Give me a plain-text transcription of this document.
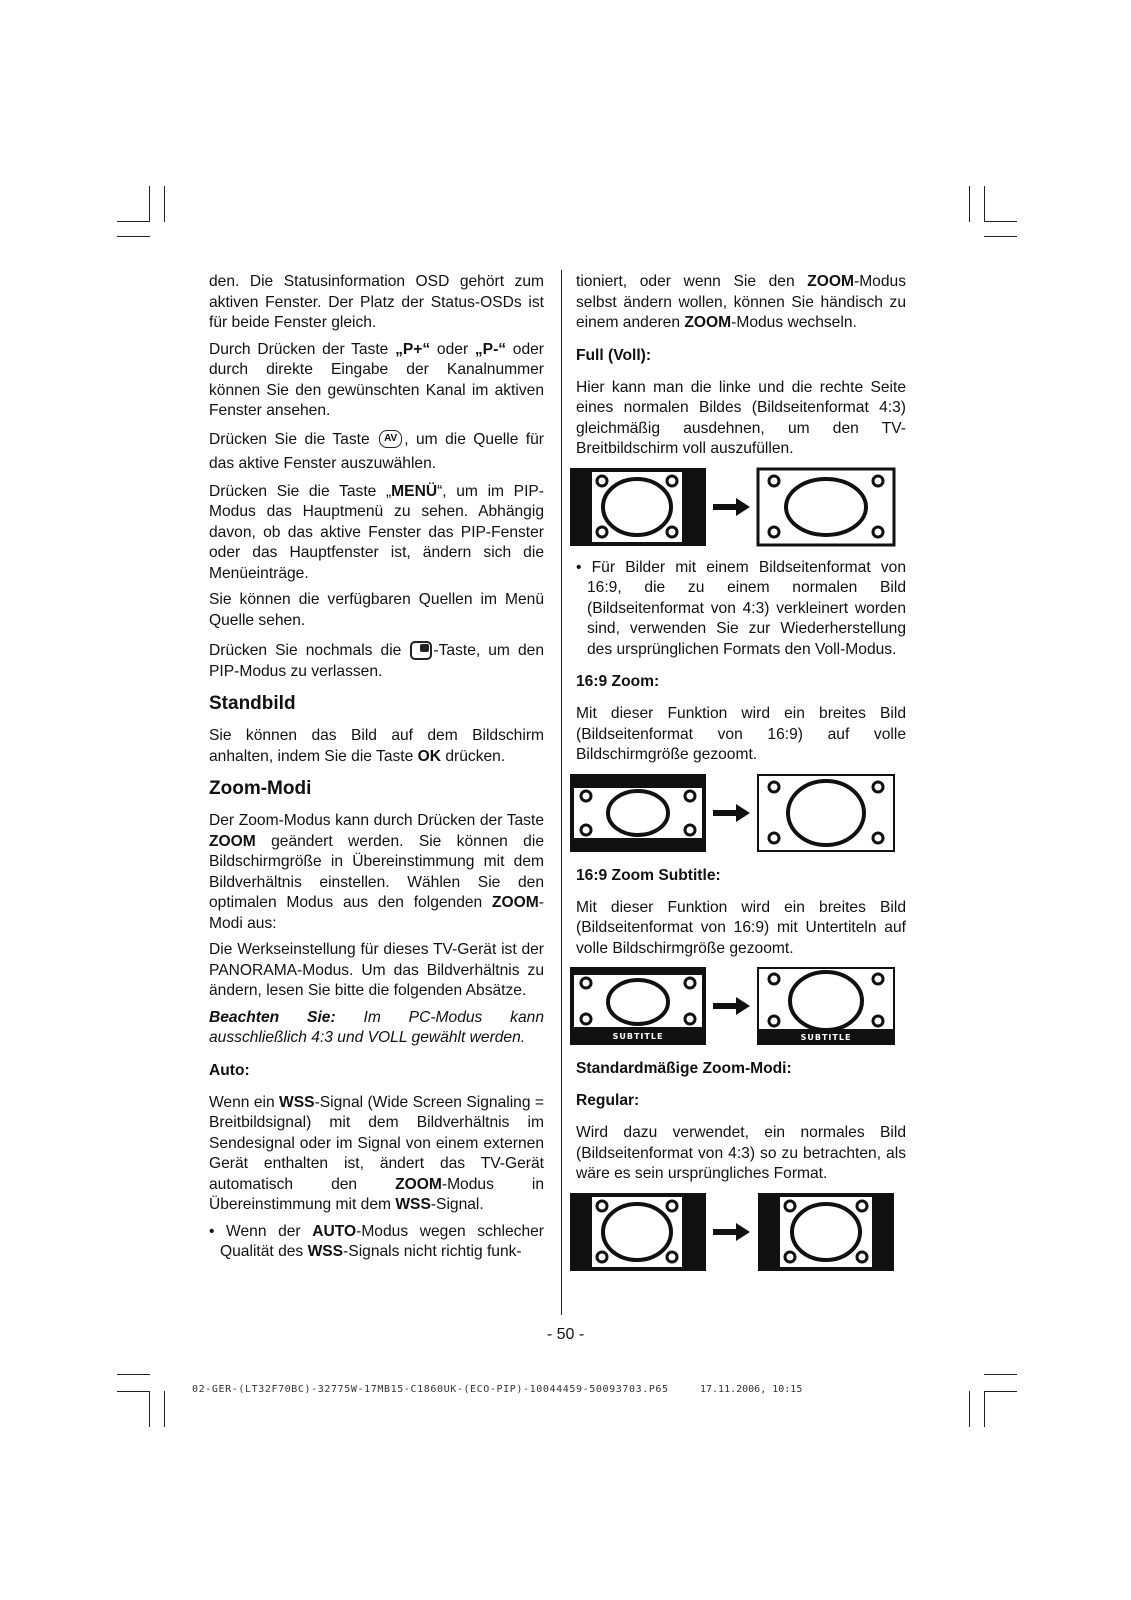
den. Die Statusinformation OSD gehört zum aktiven Fenster. Der Platz der Status-OSDs ist für beide Fenster gleich.

Durch Drücken der Taste „P+“ oder „P-“ oder durch direkte Eingabe der Kanalnummer können Sie den gewünschten Kanal im aktiven Fenster ansehen.

Drücken Sie die Taste AV , um die Quelle für das aktive Fenster auszuwählen.

Drücken Sie die Taste „MENÜ“, um im PIP-Modus das Hauptmenü zu sehen. Abhängig davon, ob das aktive Fenster das PIP-Fenster oder das Hauptfenster ist, ändern sich die Menüeinträge.

Sie können die verfügbaren Quellen im Menü Quelle sehen.

Drücken Sie nochmals die -Taste, um den PIP-Modus zu verlassen.

Standbild

Sie können das Bild auf dem Bildschirm anhalten, indem Sie die Taste OK drücken.

Zoom-Modi

Der Zoom-Modus kann durch Drücken der Taste ZOOM geändert werden. Sie können die Bildschirmgröße in Übereinstimmung mit dem Bildverhältnis einstellen. Wählen Sie den optimalen Modus aus den folgenden ZOOM-Modi aus:

Die Werkseinstellung für dieses TV-Gerät ist der PANORAMA-Modus. Um das Bildverhältnis zu ändern, lesen Sie bitte die folgenden Absätze.

Beachten Sie: Im PC-Modus kann ausschließlich 4:3 und VOLL gewählt werden.

Auto:

Wenn ein WSS-Signal (Wide Screen Signaling = Breitbildsignal) mit dem Bildverhältnis im Sendesignal oder im Signal von einem externen Gerät enthalten ist, ändert das TV-Gerät automatisch den ZOOM-Modus in Übereinstimmung mit dem WSS-Signal.

• Wenn der AUTO-Modus wegen schlecher Qualität des WSS-Signals nicht richtig funk-

tioniert, oder wenn Sie den ZOOM-Modus selbst ändern wollen, können Sie händisch zu einem anderen ZOOM-Modus wechseln.

Full (Voll):

Hier kann man die linke und die rechte Seite eines normalen Bildes (Bildseitenformat 4:3) gleichmäßig ausdehnen, um den TV-Breitbildschirm voll auszufüllen.

• Für Bilder mit einem Bildseitenformat von 16:9, die zu einem normalen Bild (Bildseitenformat von 4:3) verkleinert worden sind, verwenden Sie zur Wiederherstellung des ursprünglichen Formats den Voll-Modus.

16:9 Zoom:

Mit dieser Funktion wird ein breites Bild (Bildseitenformat von 16:9) auf volle Bildschirmgröße gezoomt.

16:9 Zoom Subtitle:

Mit dieser Funktion wird ein breites Bild (Bildseitenformat von 16:9) mit Untertiteln auf volle Bildschirmgröße gezoomt.

SUBTITLE	SUBTITLE
Standardmäßige Zoom-Modi:
Regular:

Wird dazu verwendet, ein normales Bild (Bildseitenformat von 4:3) so zu betrachten, als wäre es sein ursprüngliches Format.

- 50 -
02-GER-(LT32F70BC)-32775W-17MB15-C1860UK-(ECO-PIP)-10044459-50093703.P65	17.11.2006, 10:15
